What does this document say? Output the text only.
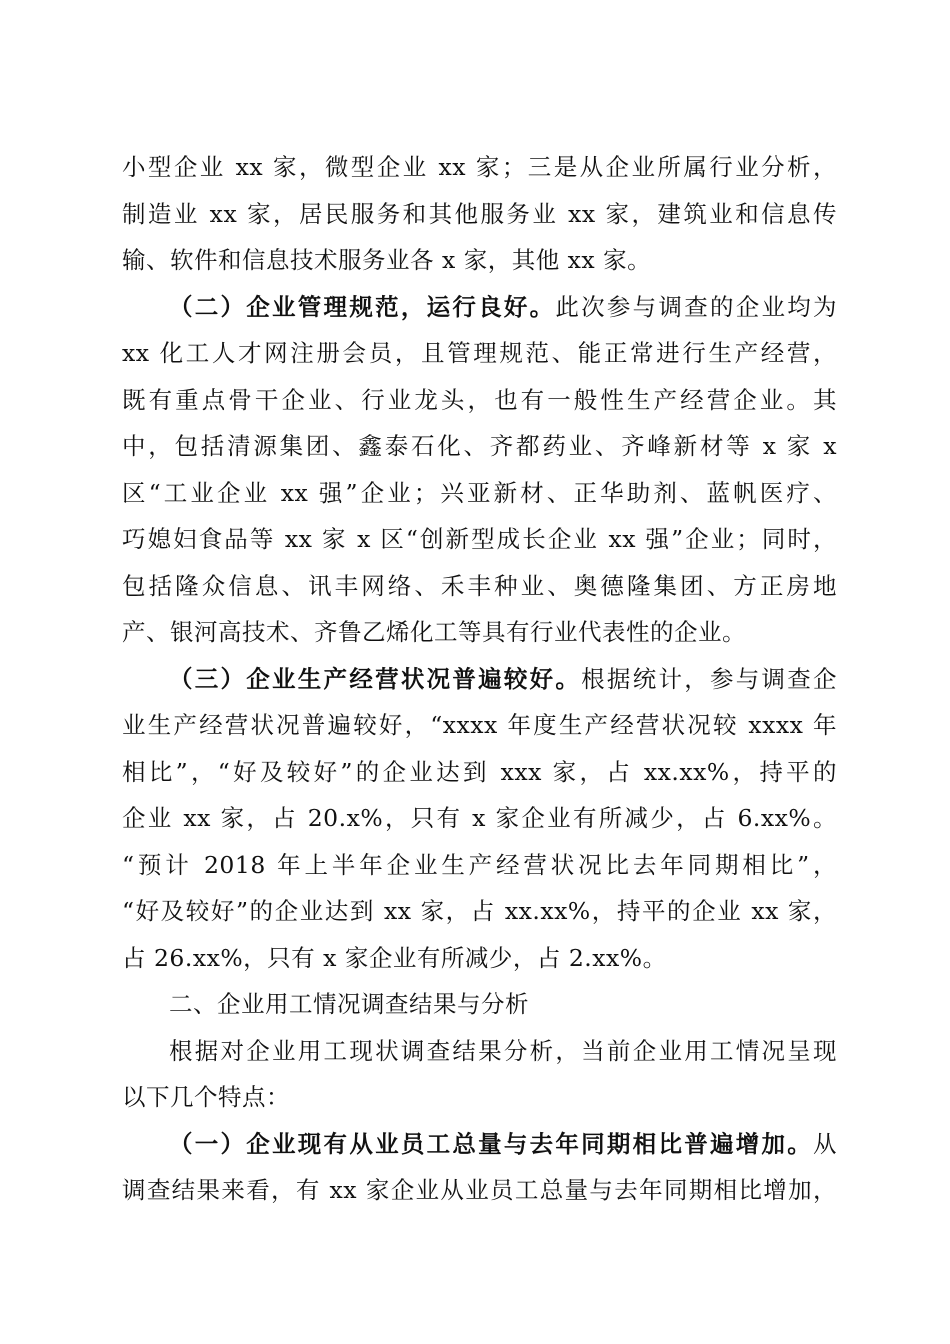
小型企业 xx 家，微型企业 xx 家；三是从企业所属行业分析，
制造业 xx 家，居民服务和其他服务业 xx 家，建筑业和信息传
输、软件和信息技术服务业各 x 家，其他 xx 家。
（二）企业管理规范，运行良好。此次参与调查的企业均为
xx 化工人才网注册会员，且管理规范、能正常进行生产经营，
既有重点骨干企业、行业龙头，也有一般性生产经营企业。其
中，包括清源集团、鑫泰石化、齐都药业、齐峰新材等 x 家 x
区“工业企业 xx 强”企业；兴亚新材、正华助剂、蓝帆医疗、
巧媳妇食品等 xx 家 x 区“创新型成长企业 xx 强”企业；同时，
包括隆众信息、讯丰网络、禾丰种业、奥德隆集团、方正房地
产、银河高技术、齐鲁乙烯化工等具有行业代表性的企业。
（三）企业生产经营状况普遍较好。根据统计，参与调查企
业生产经营状况普遍较好，“xxxx 年度生产经营状况较 xxxx 年
相比”，“好及较好”的企业达到 xxx 家，占 xx.xx%，持平的
企业 xx 家，占 20.x%，只有 x 家企业有所减少，占 6.xx%。
“预计 2018 年上半年企业生产经营状况比去年同期相比”，
“好及较好”的企业达到 xx 家，占 xx.xx%，持平的企业 xx 家，
占 26.xx%，只有 x 家企业有所减少，占 2.xx%。
二、企业用工情况调查结果与分析
根据对企业用工现状调查结果分析，当前企业用工情况呈现
以下几个特点：
（一）企业现有从业员工总量与去年同期相比普遍增加。从
调查结果来看，有 xx 家企业从业员工总量与去年同期相比增加，
